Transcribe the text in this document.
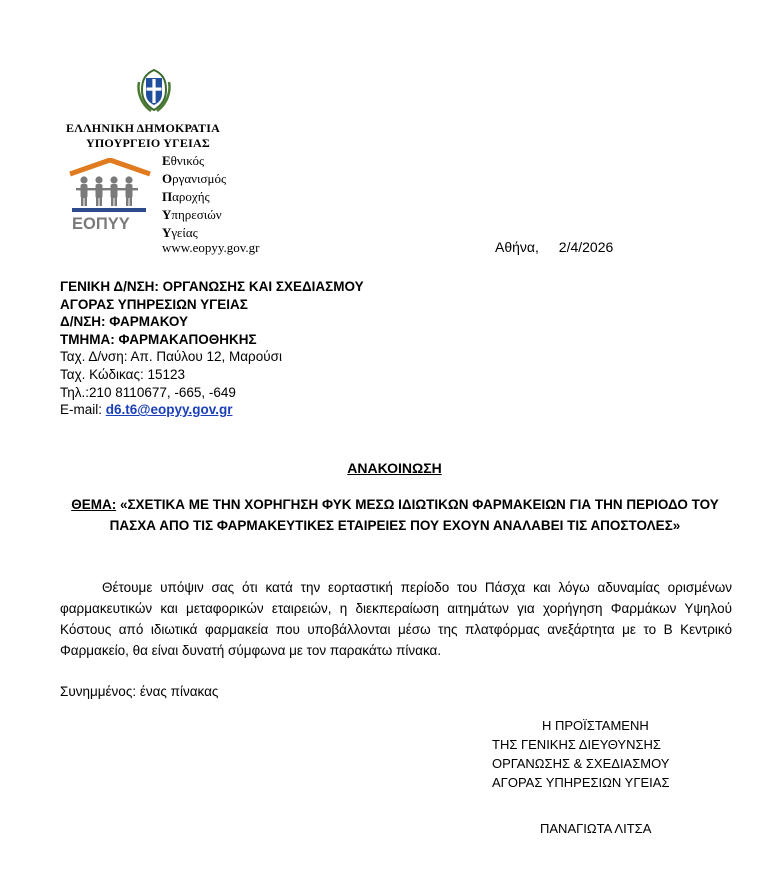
ΕΛΛΗΝΙΚΗ ΔΗΜΟΚΡΑΤΙΑ
ΥΠΟΥΡΓΕΙΟ ΥΓΕΙΑΣ
ΕΟΠΥΥ
Εθνικός
Οργανισμός
Παροχής
Υπηρεσιών
Υγείας
www.eopyy.gov.gr	Αθήνα, 2/4/2026
ΓΕΝΙΚΗ Δ/ΝΣΗ: ΟΡΓΑΝΩΣΗΣ ΚΑΙ ΣΧΕΔΙΑΣΜΟΥ
ΑΓΟΡΑΣ ΥΠΗΡΕΣΙΩΝ ΥΓΕΙΑΣ
Δ/ΝΣΗ: ΦΑΡΜΑΚΟΥ
ΤΜΗΜΑ: ΦΑΡΜΑΚΑΠΟΘΗΚΗΣ
Ταχ. Δ/νση: Απ. Παύλου 12, Μαρούσι
Ταχ. Κώδικας: 15123
Τηλ.:210 8110677, -665, -649
E-mail: d6.t6@eopyy.gov.gr
ΑΝΑΚΟΙΝΩΣΗ
ΘΕΜΑ: «ΣΧΕΤΙΚΑ ΜΕ ΤΗΝ ΧΟΡΗΓΗΣΗ ΦΥΚ ΜΕΣΩ ΙΔΙΩΤΙΚΩΝ ΦΑΡΜΑΚΕΙΩΝ ΓΙΑ ΤΗΝ ΠΕΡΙΟΔΟ ΤΟΥ ΠΑΣΧΑ ΑΠΟ ΤΙΣ ΦΑΡΜΑΚΕΥΤΙΚΕΣ ΕΤΑΙΡΕΙΕΣ ΠΟΥ ΕΧΟΥΝ ΑΝΑΛΑΒΕΙ ΤΙΣ ΑΠΟΣΤΟΛΕΣ»
Θέτουμε υπόψιν σας ότι κατά την εορταστική περίοδο του Πάσχα και λόγω αδυναμίας ορισμένων φαρμακευτικών και μεταφορικών εταιρειών, η διεκπεραίωση αιτημάτων για χορήγηση Φαρμάκων Υψηλού Κόστους από ιδιωτικά φαρμακεία που υποβάλλονται μέσω της πλατφόρμας ανεξάρτητα με το Β Κεντρικό Φαρμακείο, θα είναι δυνατή σύμφωνα με τον παρακάτω πίνακα.
Συνημμένος: ένας πίνακας
Η ΠΡΟΪΣΤΑΜΕΝΗ
ΤΗΣ ΓΕΝΙΚΗΣ ΔΙΕΥΘΥΝΣΗΣ
ΟΡΓΑΝΩΣΗΣ & ΣΧΕΔΙΑΣΜΟΥ
ΑΓΟΡΑΣ ΥΠΗΡΕΣΙΩΝ ΥΓΕΙΑΣ
ΠΑΝΑΓΙΩΤΑ ΛΙΤΣΑ
